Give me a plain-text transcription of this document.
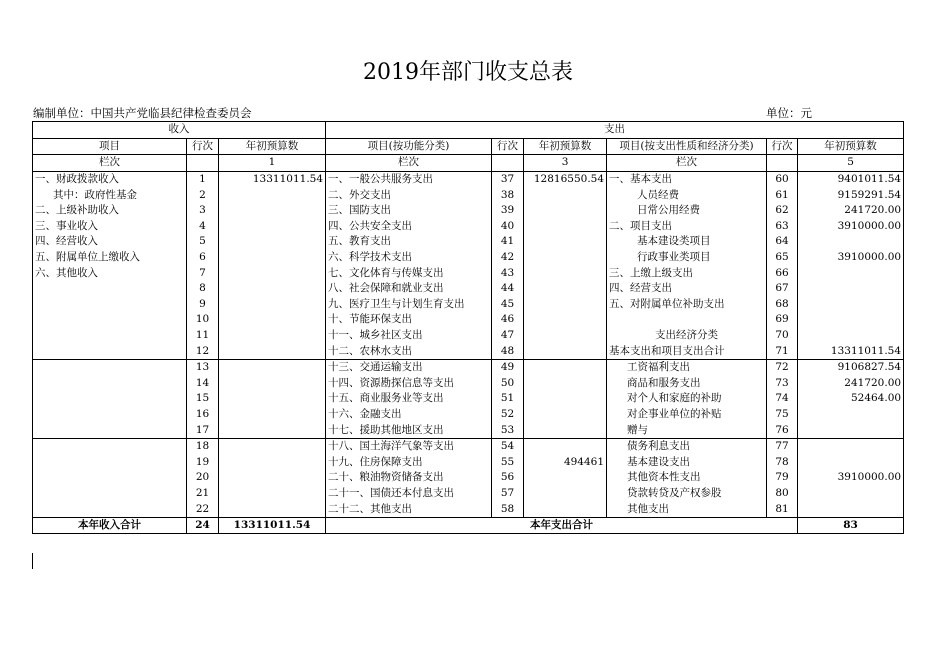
2019年部门收支总表
编制单位：中国共产党临县纪律检查委员会	单位：元
收入			支出						
项目	行次	年初预算数	项目(按功能分类)	行次	年初预算数	项目(按支出性质和经济分类)	行次	年初预算数	
栏次		1	栏次		3	栏次		5	
一、财政拨款收入	1	13311011.54	一、一般公共服务支出	37	12816550.54	一、基本支出	60	9401011.54	
其中：政府性基金	2		二、外交支出	38		人员经费	61	9159291.54	
二、上级补助收入	3		三、国防支出	39		日常公用经费	62	241720.00	
三、事业收入	4		四、公共安全支出	40		二、项目支出	63	3910000.00	
四、经营收入	5		五、教育支出	41		基本建设类项目	64		
五、附属单位上缴收入	6		六、科学技术支出	42		行政事业类项目	65	3910000.00	
六、其他收入	7		七、文化体育与传媒支出	43		三、上缴上级支出	66		
	8		八、社会保障和就业支出	44		四、经营支出	67		
	9		九、医疗卫生与计划生育支出	45		五、对附属单位补助支出	68		
	10		十、节能环保支出	46			69		
	11		十一、城乡社区支出	47		支出经济分类	70		
	12		十二、农林水支出	48		基本支出和项目支出合计	71	13311011.54	
	13		十三、交通运输支出	49		工资福利支出	72	9106827.54	
	14		十四、资源勘探信息等支出	50		商品和服务支出	73	241720.00	
	15		十五、商业服务业等支出	51		对个人和家庭的补助	74	52464.00	
	16		十六、金融支出	52		对企事业单位的补贴	75		
	17		十七、援助其他地区支出	53		赠与	76		
	18		十八、国土海洋气象等支出	54		债务利息支出	77		
	19		十九、住房保障支出	55	494461	基本建设支出	78		
	20		二十、粮油物资储备支出	56		其他资本性支出	79	3910000.00	
	21		二十一、国债还本付息支出	57		贷款转贷及产权参股	80		
	22		二十二、其他支出	58		其他支出	81		
本年收入合计	24	13311011.54	本年支出合计					83	
